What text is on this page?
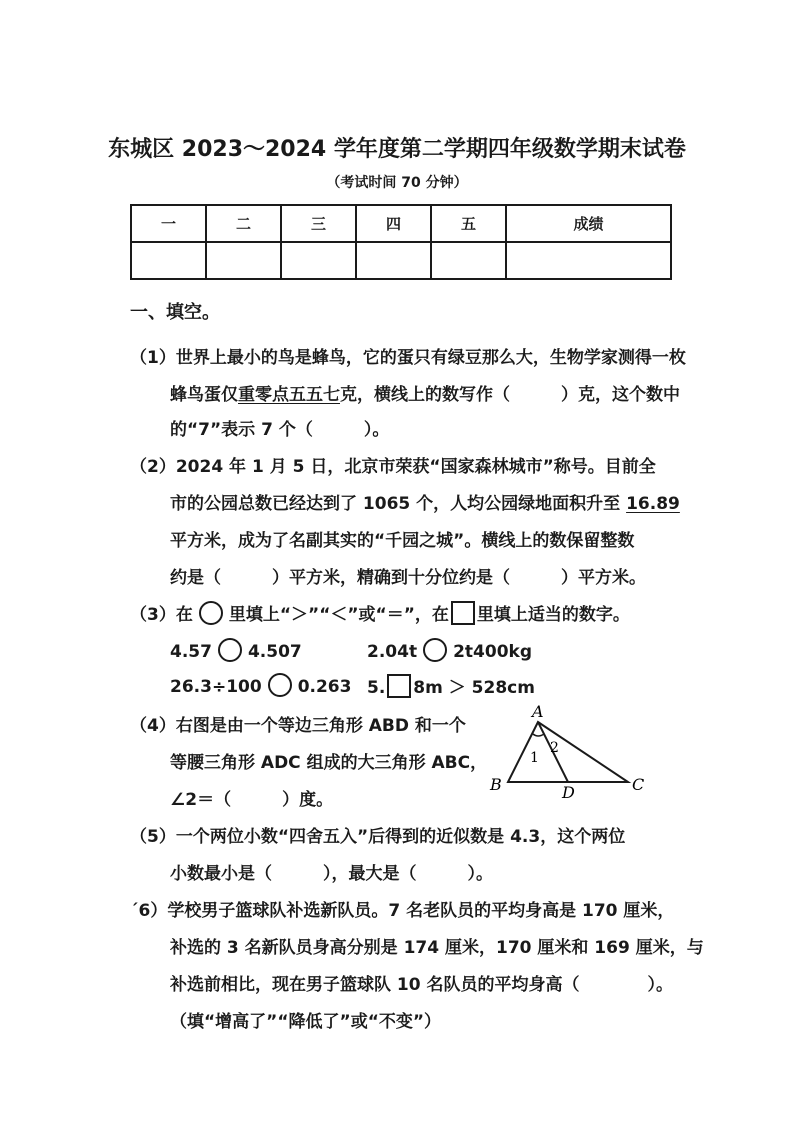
东城区 2023～2024 学年度第二学期四年级数学期末试卷
（考试时间 70 分钟）
一	二	三	四	五	成绩

一、填空。
（1）世界上最小的鸟是蜂鸟，它的蛋只有绿豆那么大，生物学家测得一枚
蜂鸟蛋仅重零点五五七克，横线上的数写作（　　　）克，这个数中
的“7”表示 7 个（　　　）。
（2）2024 年 1 月 5 日，北京市荣获“国家森林城市”称号。目前全
市的公园总数已经达到了 1065 个，人均公园绿地面积升至 16.89
平方米，成为了名副其实的“千园之城”。横线上的数保留整数
约是（　　　）平方米，精确到十分位约是（　　　）平方米。
（3）在 里填上“＞”“＜”或“＝”，在 里填上适当的数字。
4.57 4.507	2.04t 2t400kg
26.3÷100 0.263 5. 8m ＞ 528cm
（4）右图是由一个等边三角形 ABD 和一个
等腰三角形 ADC 组成的大三角形 ABC，
∠2＝（　　　）度。
A
B	C
D
1
2
（5）一个两位小数“四舍五入”后得到的近似数是 4.3，这个两位
小数最小是（　　　），最大是（　　　）。
´6）学校男子篮球队补选新队员。7 名老队员的平均身高是 170 厘米，
补选的 3 名新队员身高分别是 174 厘米，170 厘米和 169 厘米，与
补选前相比，现在男子篮球队 10 名队员的平均身高（　　　　）。
（填“增高了”“降低了”或“不变”）
